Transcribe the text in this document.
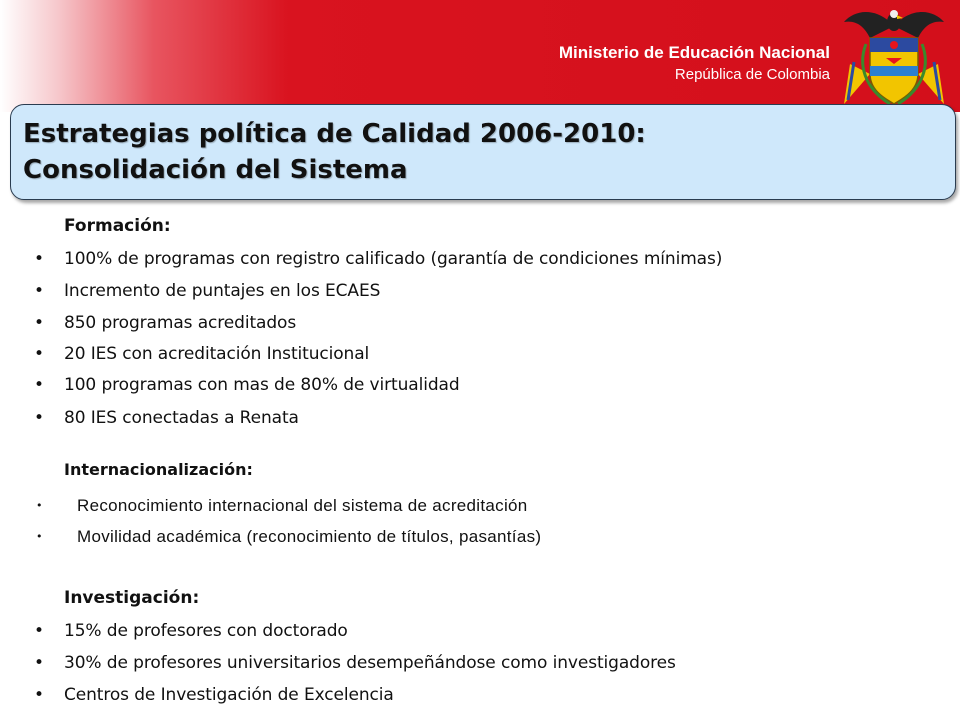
Ministerio de Educación Nacional
República de Colombia
Estrategias política de Calidad 2006-2010:
Consolidación del Sistema
Formación:
• 100% de programas con registro calificado (garantía de condiciones mínimas)
• Incremento de puntajes en los ECAES
• 850 programas acreditados
• 20 IES con acreditación Institucional
• 100 programas con mas de 80% de virtualidad
• 80 IES conectadas a Renata
Internacionalización:
• Reconocimiento internacional del sistema de acreditación
• Movilidad académica (reconocimiento de títulos, pasantías)
Investigación:
• 15% de profesores con doctorado
• 30% de profesores universitarios desempeñándose como investigadores
• Centros de Investigación de Excelencia
